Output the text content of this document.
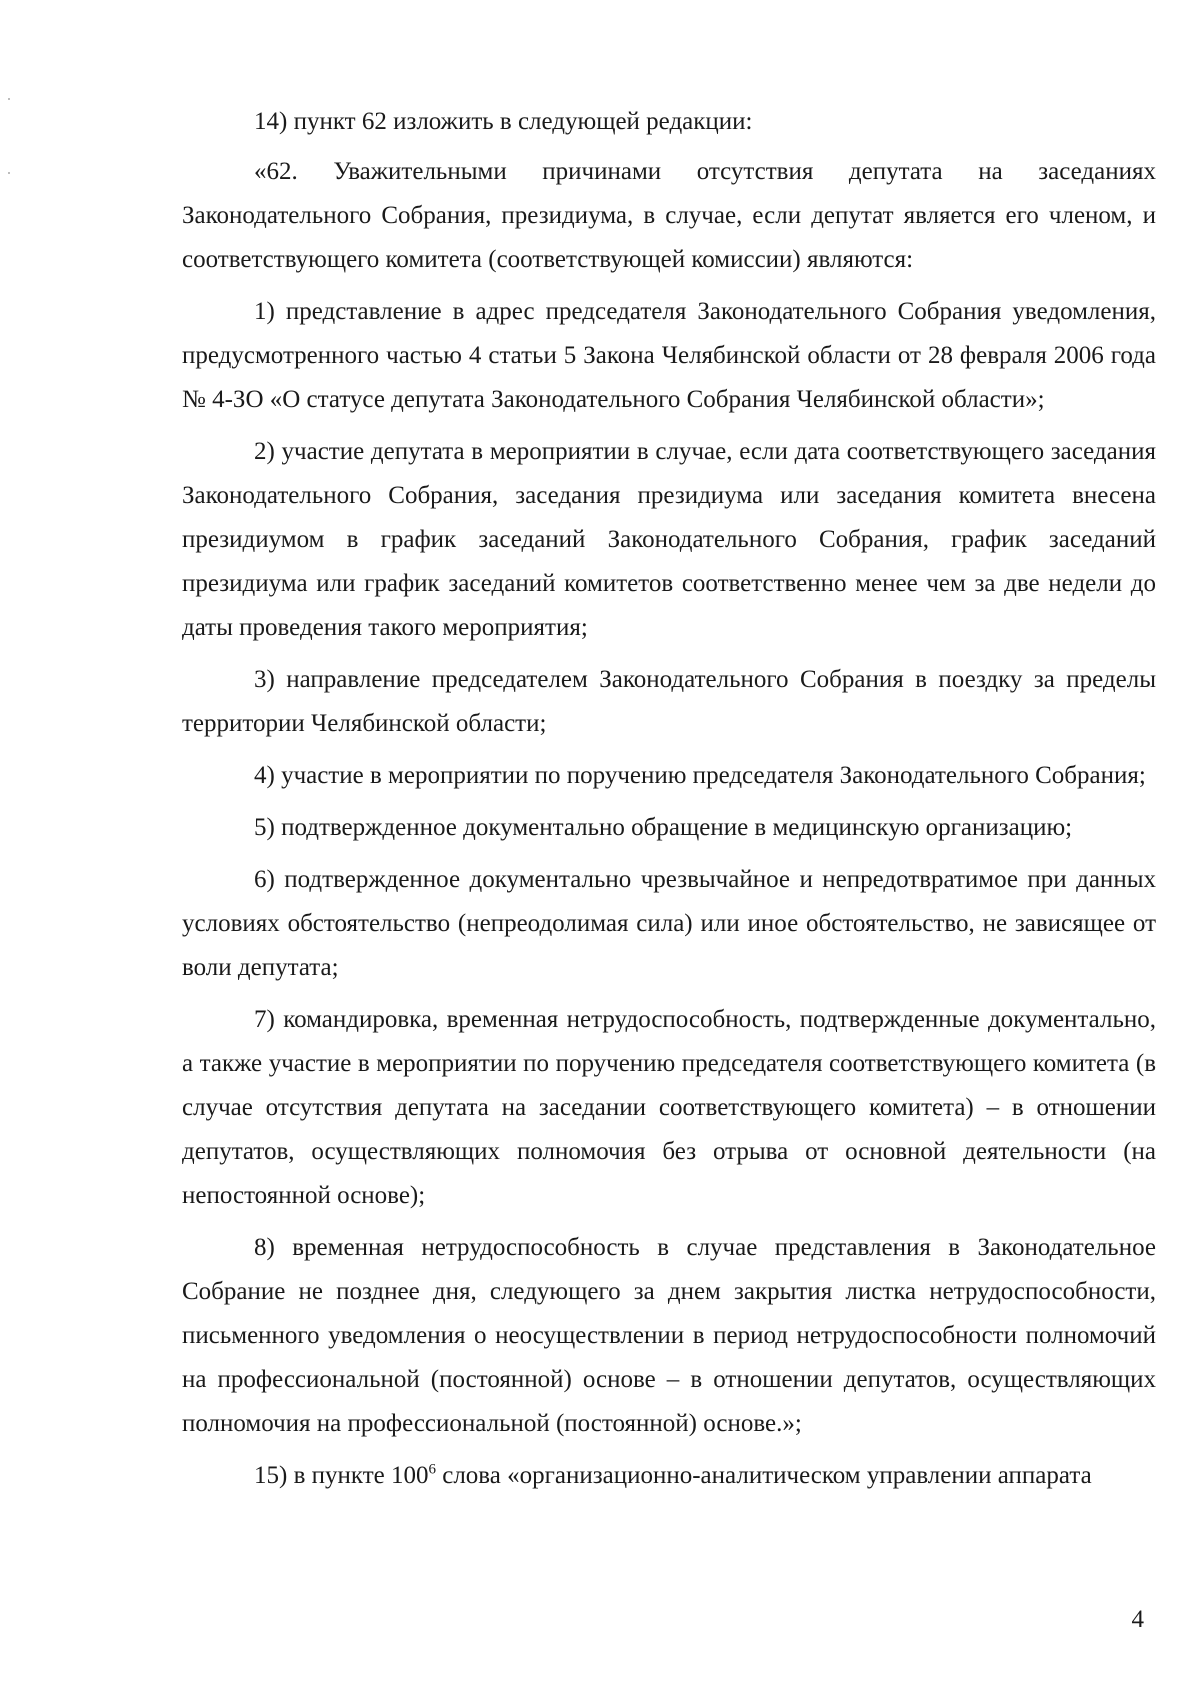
14) пункт 62 изложить в следующей редакции:

«62. Уважительными причинами отсутствия депутата на заседаниях Законодательного Собрания, президиума, в случае, если депутат является его членом, и соответствующего комитета (соответствующей комиссии) являются:

1) представление в адрес председателя Законодательного Собрания уведомления, предусмотренного частью 4 статьи 5 Закона Челябинской области от 28 февраля 2006 года № 4-ЗО «О статусе депутата Законодательного Собрания Челябинской области»;

2) участие депутата в мероприятии в случае, если дата соответствующего заседания Законодательного Собрания, заседания президиума или заседания комитета внесена президиумом в график заседаний Законодательного Собрания, график заседаний президиума или график заседаний комитетов соответственно менее чем за две недели до даты проведения такого мероприятия;

3) направление председателем Законодательного Собрания в поездку за пределы территории Челябинской области;

4) участие в мероприятии по поручению председателя Законодательного Собрания;

5) подтвержденное документально обращение в медицинскую организацию;

6) подтвержденное документально чрезвычайное и непредотвратимое при данных условиях обстоятельство (непреодолимая сила) или иное обстоятельство, не зависящее от воли депутата;

7) командировка, временная нетрудоспособность, подтвержденные документально, а также участие в мероприятии по поручению председателя соответствующего комитета (в случае отсутствия депутата на заседании соответствующего комитета) – в отношении депутатов, осуществляющих полномочия без отрыва от основной деятельности (на непостоянной основе);

8) временная нетрудоспособность в случае представления в Законодательное Собрание не позднее дня, следующего за днем закрытия листка нетрудоспособности, письменного уведомления о неосуществлении в период нетрудоспособности полномочий на профессиональной (постоянной) основе – в отношении депутатов, осуществляющих полномочия на профессиональной (постоянной) основе.»;

15) в пункте $100^6$ слова «организационно-аналитическом управлении аппарата

4
